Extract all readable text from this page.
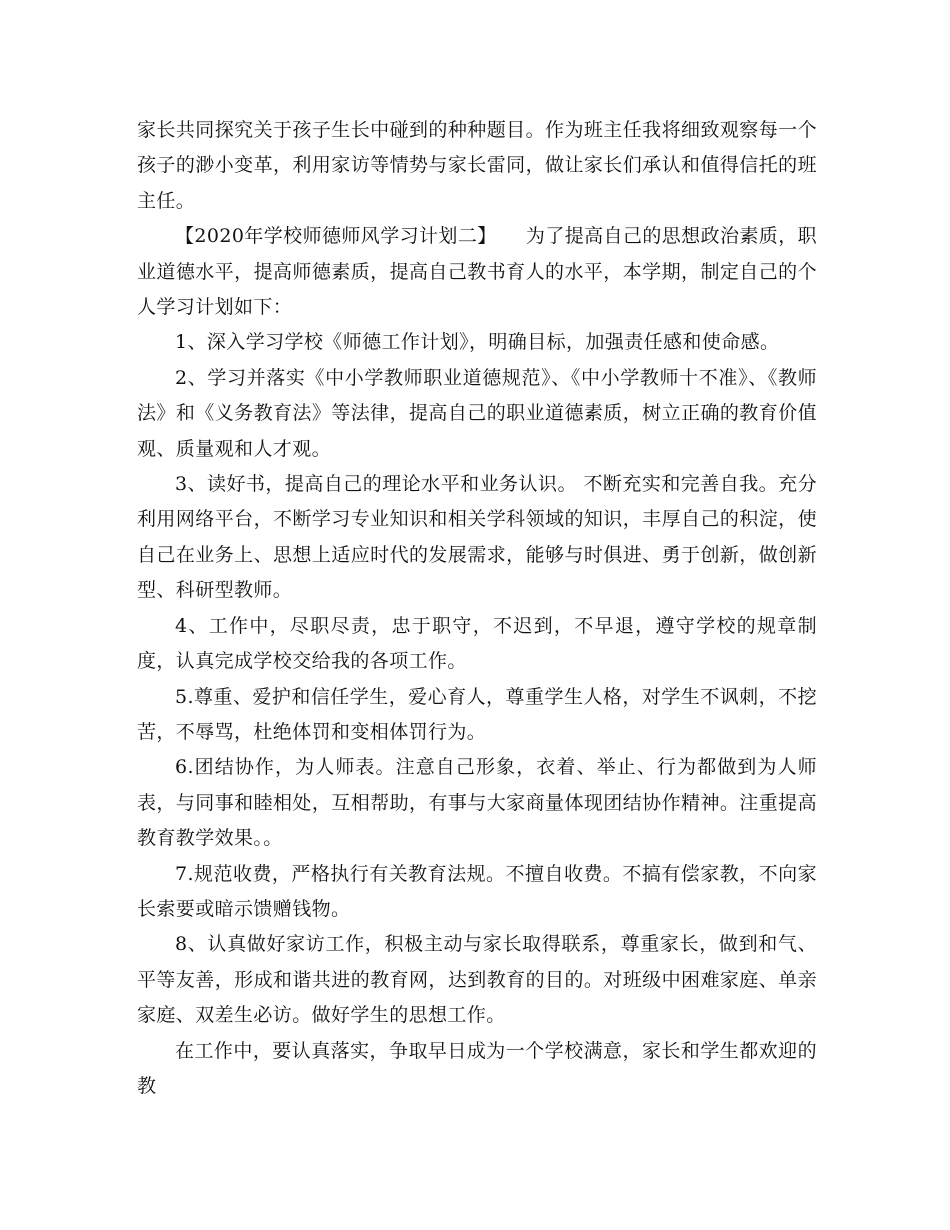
家长共同探究关于孩子生长中碰到的种种题目。作为班主任我将细致观察每一个孩子的渺小变革，利用家访等情势与家长雷同，做让家长们承认和值得信托的班主任。

【2020年学校师德师风学习计划二】　　为了提高自己的思想政治素质，职业道德水平，提高师德素质，提高自己教书育人的水平，本学期，制定自己的个人学习计划如下：

1、深入学习学校《师德工作计划》，明确目标，加强责任感和使命感。

2、学习并落实《中小学教师职业道德规范》、《中小学教师十不准》、《教师法》和《义务教育法》等法律，提高自己的职业道德素质，树立正确的教育价值观、质量观和人才观。

3、读好书，提高自己的理论水平和业务认识。 不断充实和完善自我。充分利用网络平台，不断学习专业知识和相关学科领域的知识，丰厚自己的积淀，使自己在业务上、思想上适应时代的发展需求，能够与时俱进、勇于创新，做创新型、科研型教师。

4、工作中，尽职尽责，忠于职守，不迟到，不早退，遵守学校的规章制度，认真完成学校交给我的各项工作。

5.尊重、爱护和信任学生，爱心育人，尊重学生人格，对学生不讽刺，不挖苦，不辱骂，杜绝体罚和变相体罚行为。

6.团结协作，为人师表。注意自己形象，衣着、举止、行为都做到为人师表，与同事和睦相处，互相帮助，有事与大家商量体现团结协作精神。注重提高教育教学效果。。

7.规范收费，严格执行有关教育法规。不擅自收费。不搞有偿家教，不向家长索要或暗示馈赠钱物。

8、认真做好家访工作，积极主动与家长取得联系，尊重家长，做到和气、平等友善，形成和谐共进的教育网，达到教育的目的。对班级中困难家庭、单亲家庭、双差生必访。做好学生的思想工作。

在工作中，要认真落实，争取早日成为一个学校满意，家长和学生都欢迎的教
